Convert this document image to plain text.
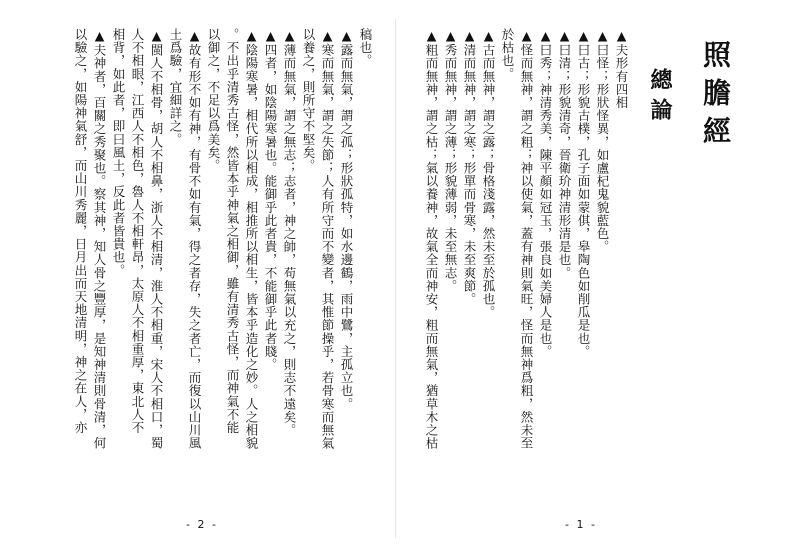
稿也。
▲露而無氣，謂之孤；形狀孤特，如水邊鶴，雨中鷺，主孤立也。
▲寒而無氣，謂之失節；人有所守而不變者，其惟節操乎，若骨寒而無氣
以養之，則所守不堅矣。
▲薄而無氣，謂之無志；志者，神之帥，苟無氣以充之，則志不遠矣。
▲四者，如陰陽寒暑也。能御乎此者貴，不能御乎此者賤。
▲陰陽寒暑，相代所以相成，相推所以相生，皆本乎造化之妙。人之相貌
。不出乎清秀古怪，然皆本乎神氣之相御，雖有清秀古怪，而神氣不能
以御之，不足以爲美矣。
▲故有形不如有神，有骨不如有氣，得之者存，失之者亡，而復以山川風
土爲驗，宜細詳之。
▲閩人不相骨，胡人不相鼻，浙人不相清，淮人不相重，宋人不相口，蜀
人不相眼，江西人不相色，魯人不相軒昂，太原人不相重厚，東北人不
相背，如此者，即曰風土，反此者皆貴也。
▲夫神者，百關之秀聚也。察其神，知人骨之豐厚，是知神清則骨清，何
以驗之，如陽神氣舒，而山川秀麗，日月出而天地清明，神之在人，亦
- 2 -
照膽經
總論
▲夫形有四相
▲曰怪；形狀怪異，如盧杞鬼貌藍色。
▲曰古；形貌古樸，孔子面如蒙倛，皋陶色如削瓜是也。
▲曰清；形貌清奇，晉衛玠神清形清是也。
▲曰秀；神清秀美，陳平顏如冠玉，張良如美婦人是也。
▲怪而無神，謂之粗；神以使氣，蓋有神則氣旺，怪而無神爲粗，然未至
於枯也。
▲古而無神，謂之露；骨格淺露，然未至於孤也。
▲清而無神，謂之寒；形單而骨寒，未至爽節。
▲秀而無神，謂之薄；形貌薄弱，未至無志。
▲粗而無神，謂之枯；氣以養神，故氣全而神安，粗而無氣，猶草木之枯
- 1 -
